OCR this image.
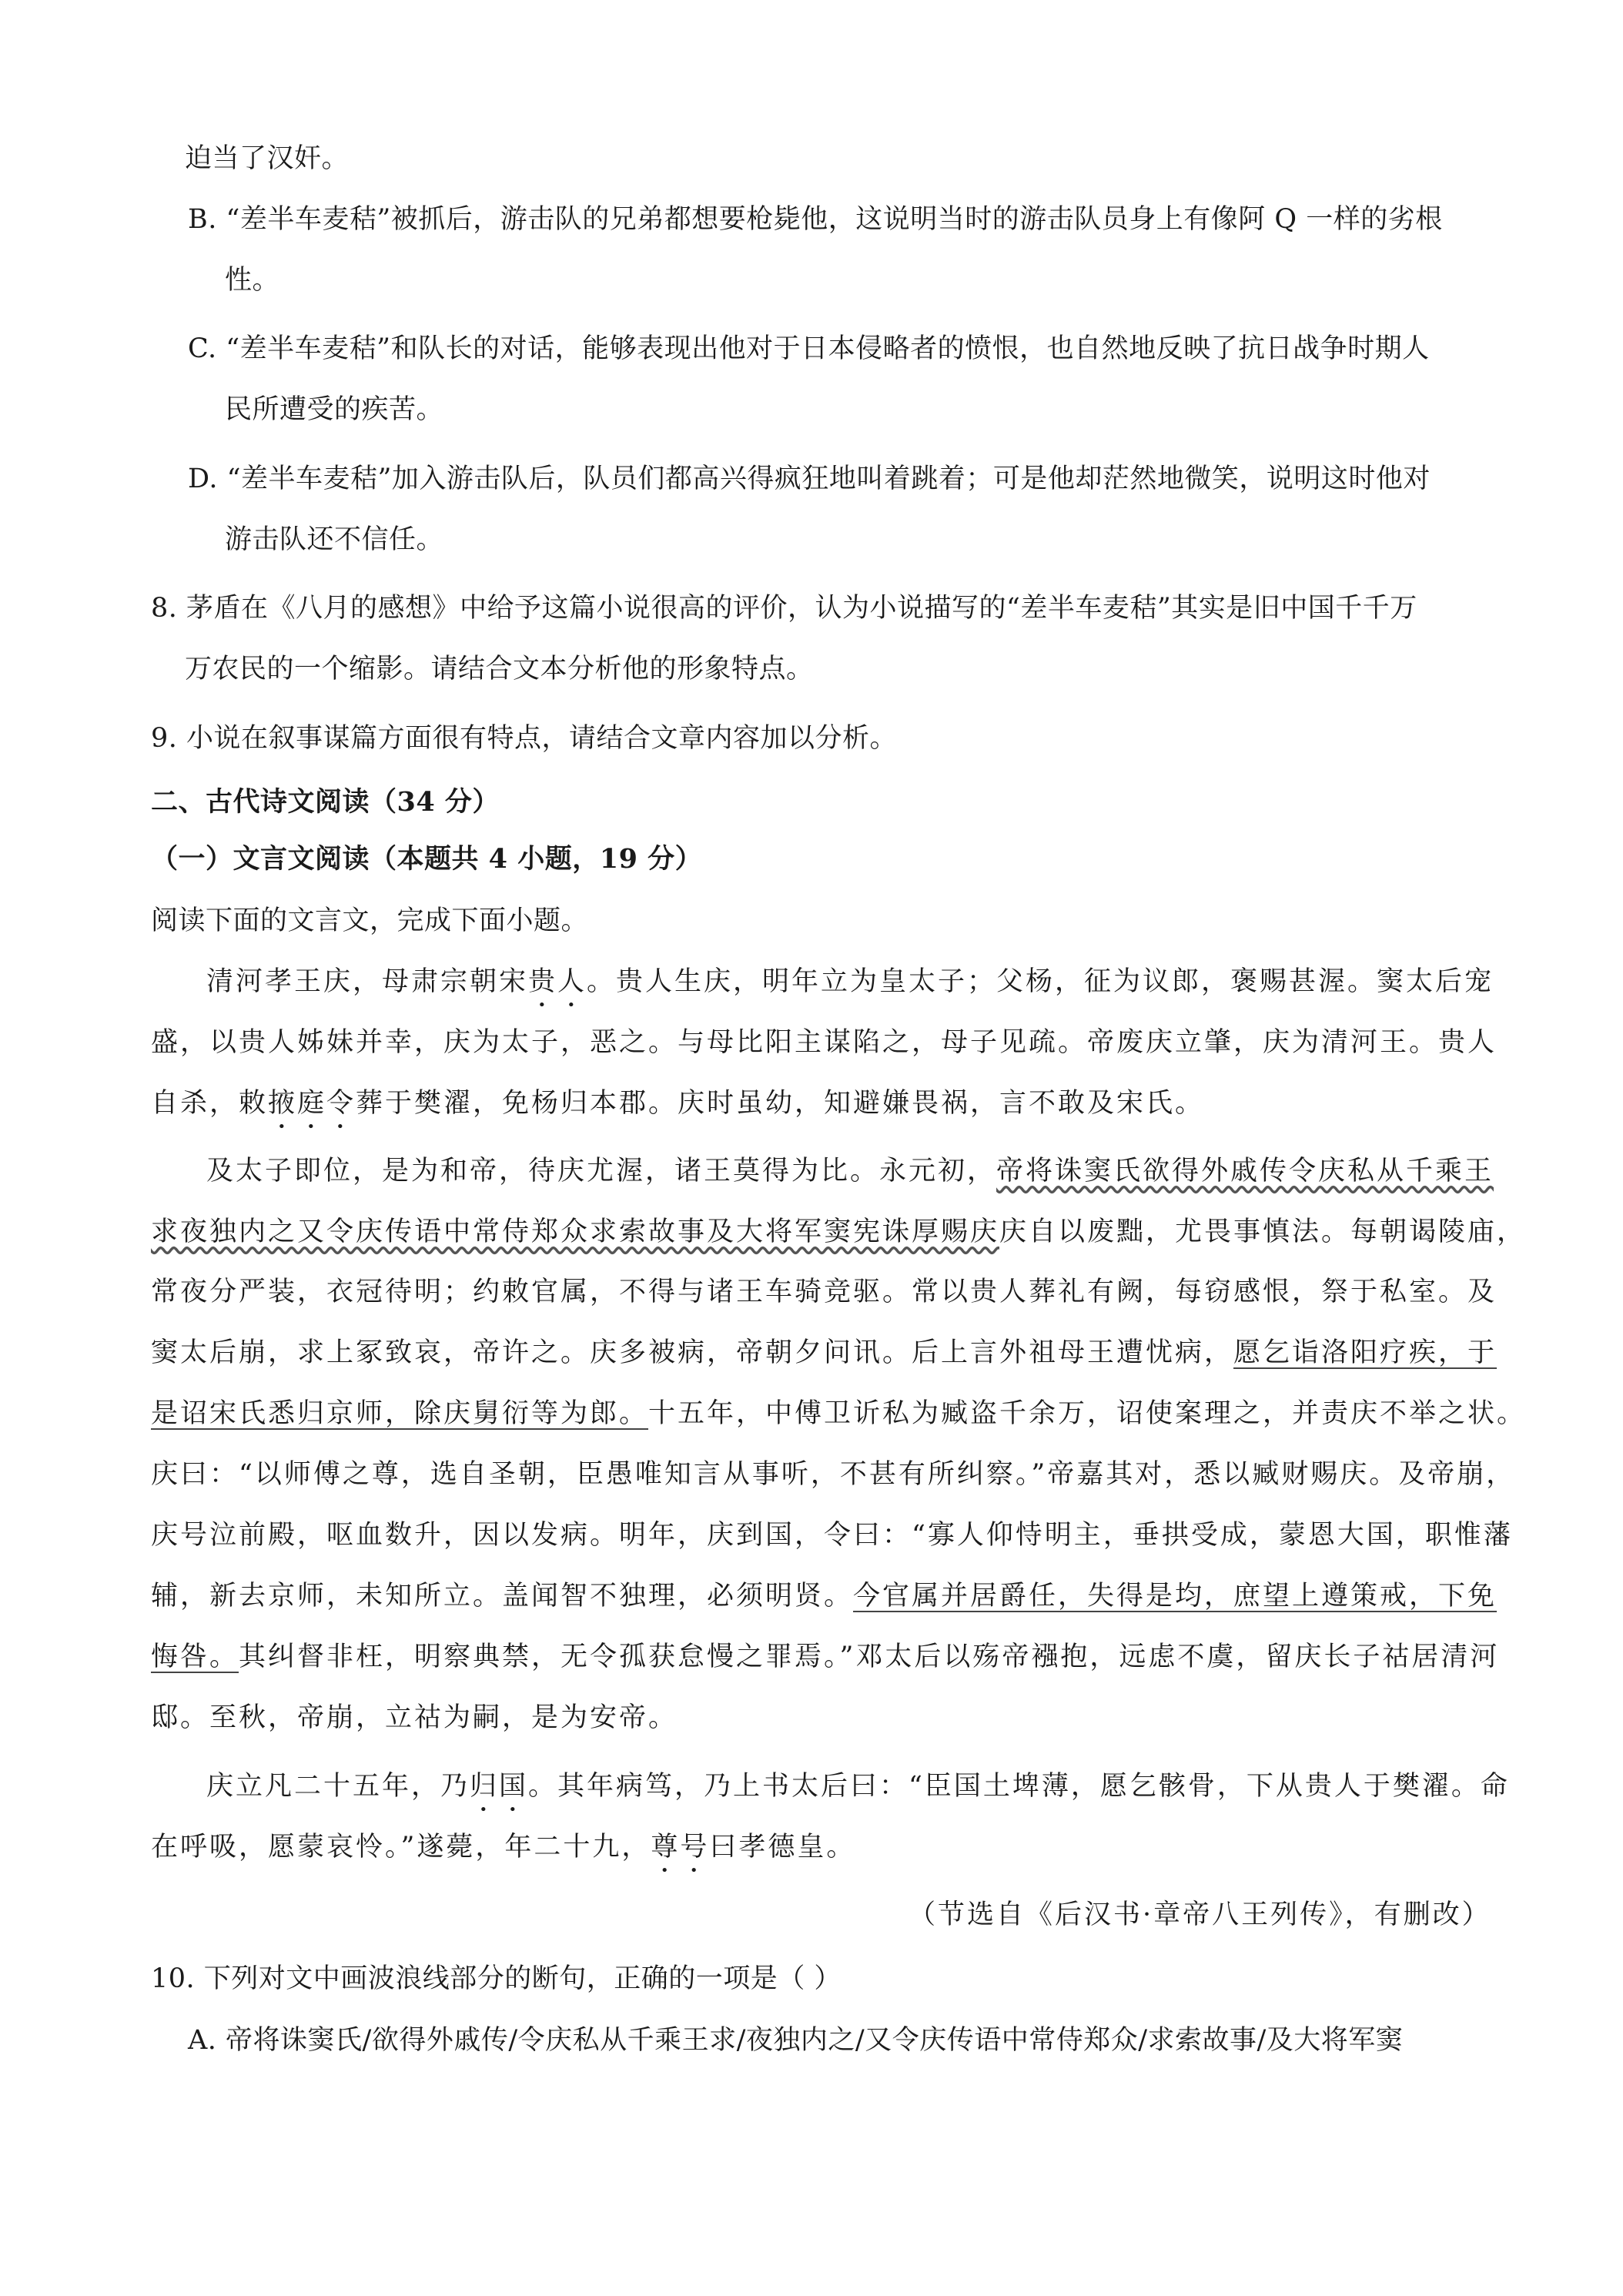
迫当了汉奸。
B. “差半车麦秸”被抓后，游击队的兄弟都想要枪毙他，这说明当时的游击队员身上有像阿 Q 一样的劣根
性。
C. “差半车麦秸”和队长的对话，能够表现出他对于日本侵略者的愤恨，也自然地反映了抗日战争时期人
民所遭受的疾苦。
D. “差半车麦秸”加入游击队后，队员们都高兴得疯狂地叫着跳着；可是他却茫然地微笑，说明这时他对
游击队还不信任。
8. 茅盾在《八月的感想》中给予这篇小说很高的评价，认为小说描写的“差半车麦秸”其实是旧中国千千万
万农民的一个缩影。请结合文本分析他的形象特点。
9. 小说在叙事谋篇方面很有特点，请结合文章内容加以分析。
二、古代诗文阅读（34 分）
（一）文言文阅读（本题共 4 小题，19 分）
阅读下面的文言文，完成下面小题。
清河孝王庆，母肃宗朝宋贵人。贵人生庆，明年立为皇太子；父杨，征为议郎，褒赐甚渥。窦太后宠
盛，以贵人姊妹并幸，庆为太子，恶之。与母比阳主谋陷之，母子见疏。帝废庆立肇，庆为清河王。贵人
自杀，敕掖庭令葬于樊濯，免杨归本郡。庆时虽幼，知避嫌畏祸，言不敢及宋氏。
及太子即位，是为和帝，待庆尤渥，诸王莫得为比。永元初，帝将诛窦氏欲得外戚传令庆私从千乘王
求夜独内之又令庆传语中常侍郑众求索故事及大将军窦宪诛厚赐庆庆自以废黜，尤畏事慎法。每朝谒陵庙，
常夜分严装，衣冠待明；约敕官属，不得与诸王车骑竞驱。常以贵人葬礼有阙，每窃感恨，祭于私室。及
窦太后崩，求上冢致哀，帝许之。庆多被病，帝朝夕问讯。后上言外祖母王遭忧病，愿乞诣洛阳疗疾，于
是诏宋氏悉归京师，除庆舅衍等为郎。十五年，中傅卫䜣私为臧盗千余万，诏使案理之，并责庆不举之状。
庆曰：“以师傅之尊，选自圣朝，臣愚唯知言从事听，不甚有所纠察。”帝嘉其对，悉以臧财赐庆。及帝崩，
庆号泣前殿，呕血数升，因以发病。明年，庆到国，令曰：“寡人仰恃明主，垂拱受成，蒙恩大国，职惟藩
辅，新去京师，未知所立。盖闻智不独理，必须明贤。今官属并居爵任，失得是均，庶望上遵策戒，下免
悔咎。其纠督非枉，明察典禁，无令孤获怠慢之罪焉。”邓太后以殇帝襁抱，远虑不虞，留庆长子祜居清河
邸。至秋，帝崩，立祜为嗣，是为安帝。
庆立凡二十五年，乃归国。其年病笃，乃上书太后曰：“臣国土埤薄，愿乞骸骨，下从贵人于樊濯。命
在呼吸，愿蒙哀怜。”遂薨，年二十九，尊号曰孝德皇。
（节选自《后汉书·章帝八王列传》，有删改）
10. 下列对文中画波浪线部分的断句，正确的一项是（ ）
A. 帝将诛窦氏/欲得外戚传/令庆私从千乘王求/夜独内之/又令庆传语中常侍郑众/求索故事/及大将军窦
